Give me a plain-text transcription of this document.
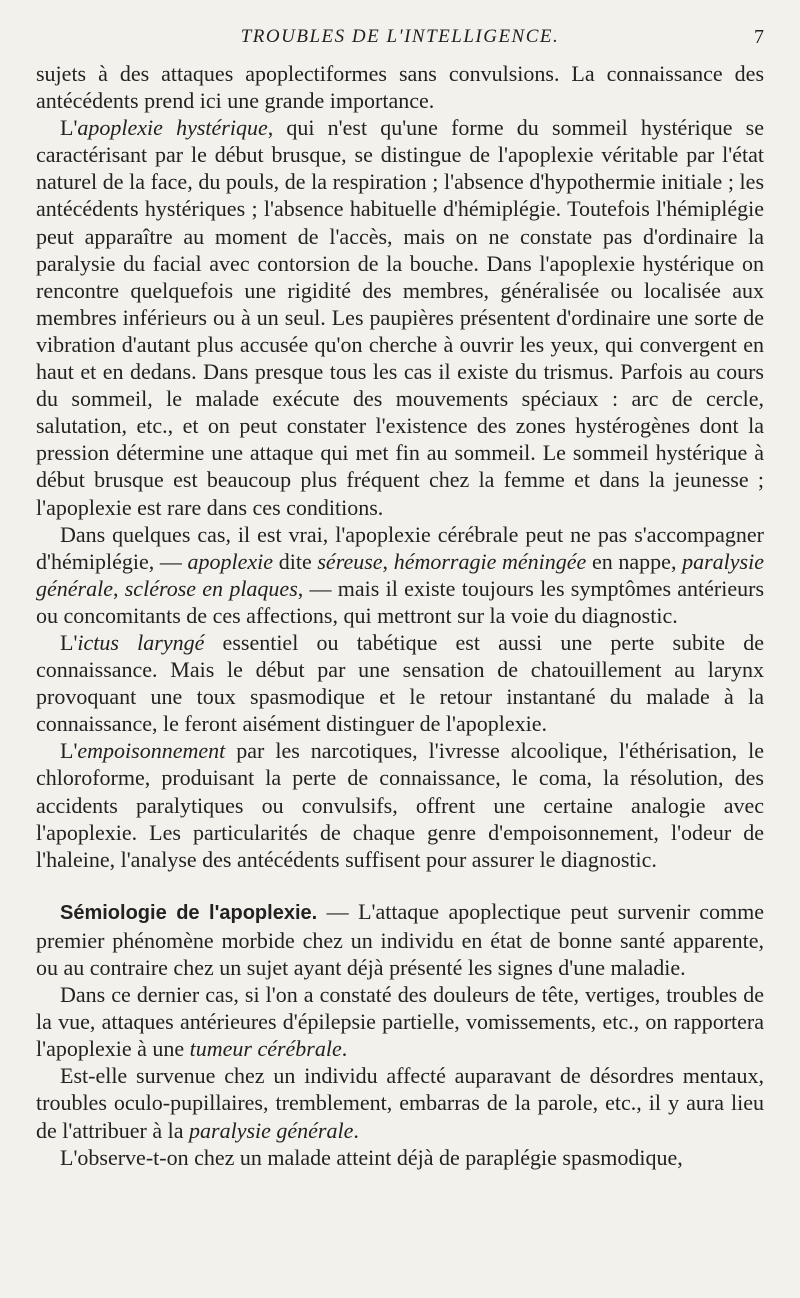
TROUBLES DE L'INTELLIGENCE.	7

sujets à des attaques apoplectiformes sans convulsions. La connaissance des antécédents prend ici une grande importance.

L'apoplexie hystérique, qui n'est qu'une forme du sommeil hystérique se caractérisant par le début brusque, se distingue de l'apoplexie véritable par l'état naturel de la face, du pouls, de la respiration ; l'absence d'hypothermie initiale ; les antécédents hystériques ; l'absence habituelle d'hémiplégie. Toutefois l'hémiplégie peut apparaître au moment de l'accès, mais on ne constate pas d'ordinaire la paralysie du facial avec contorsion de la bouche. Dans l'apoplexie hystérique on rencontre quelquefois une rigidité des membres, généralisée ou localisée aux membres inférieurs ou à un seul. Les paupières présentent d'ordinaire une sorte de vibration d'autant plus accusée qu'on cherche à ouvrir les yeux, qui convergent en haut et en dedans. Dans presque tous les cas il existe du trismus. Parfois au cours du sommeil, le malade exécute des mouvements spéciaux : arc de cercle, salutation, etc., et on peut constater l'existence des zones hystérogènes dont la pression détermine une attaque qui met fin au sommeil. Le sommeil hystérique à début brusque est beaucoup plus fréquent chez la femme et dans la jeunesse ; l'apoplexie est rare dans ces conditions.

Dans quelques cas, il est vrai, l'apoplexie cérébrale peut ne pas s'accompagner d'hémiplégie, — apoplexie dite séreuse, hémorragie méningée en nappe, paralysie générale, sclérose en plaques, — mais il existe toujours les symptômes antérieurs ou concomitants de ces affections, qui mettront sur la voie du diagnostic.

L'ictus laryngé essentiel ou tabétique est aussi une perte subite de connaissance. Mais le début par une sensation de chatouillement au larynx provoquant une toux spasmodique et le retour instantané du malade à la connaissance, le feront aisément distinguer de l'apoplexie.

L'empoisonnement par les narcotiques, l'ivresse alcoolique, l'éthérisation, le chloroforme, produisant la perte de connaissance, le coma, la résolution, des accidents paralytiques ou convulsifs, offrent une certaine analogie avec l'apoplexie. Les particularités de chaque genre d'empoisonnement, l'odeur de l'haleine, l'analyse des antécédents suffisent pour assurer le diagnostic.

Sémiologie de l'apoplexie. — L'attaque apoplectique peut survenir comme premier phénomène morbide chez un individu en état de bonne santé apparente, ou au contraire chez un sujet ayant déjà présenté les signes d'une maladie.

Dans ce dernier cas, si l'on a constaté des douleurs de tête, vertiges, troubles de la vue, attaques antérieures d'épilepsie partielle, vomissements, etc., on rapportera l'apoplexie à une tumeur cérébrale.

Est-elle survenue chez un individu affecté auparavant de désordres mentaux, troubles oculo-pupillaires, tremblement, embarras de la parole, etc., il y aura lieu de l'attribuer à la paralysie générale.

L'observe-t-on chez un malade atteint déjà de paraplégie spasmodique,
